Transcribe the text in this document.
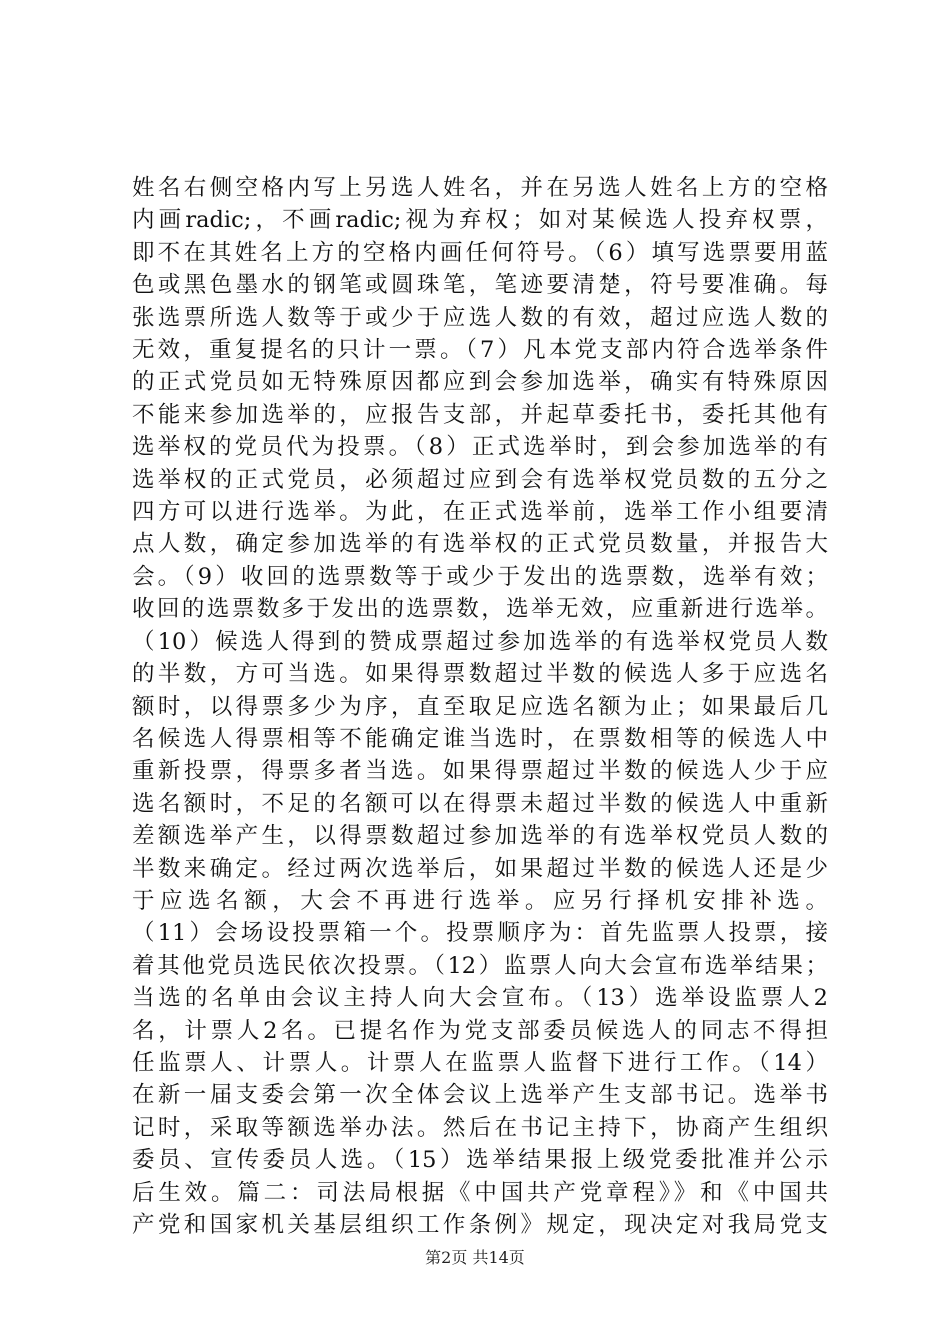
姓名右侧空格内写上另选人姓名，并在另选人姓名上方的空格
内画radic;，不画radic;视为弃权；如对某候选人投弃权票，
即不在其姓名上方的空格内画任何符号。（6）填写选票要用蓝
色或黑色墨水的钢笔或圆珠笔，笔迹要清楚，符号要准确。每
张选票所选人数等于或少于应选人数的有效，超过应选人数的
无效，重复提名的只计一票。（7）凡本党支部内符合选举条件
的正式党员如无特殊原因都应到会参加选举，确实有特殊原因
不能来参加选举的，应报告支部，并起草委托书，委托其他有
选举权的党员代为投票。（8）正式选举时，到会参加选举的有
选举权的正式党员，必须超过应到会有选举权党员数的五分之
四方可以进行选举。为此，在正式选举前，选举工作小组要清
点人数，确定参加选举的有选举权的正式党员数量，并报告大
会。（9）收回的选票数等于或少于发出的选票数，选举有效；
收回的选票数多于发出的选票数，选举无效，应重新进行选举。
（10）候选人得到的赞成票超过参加选举的有选举权党员人数
的半数，方可当选。如果得票数超过半数的候选人多于应选名
额时，以得票多少为序，直至取足应选名额为止；如果最后几
名候选人得票相等不能确定谁当选时，在票数相等的候选人中
重新投票，得票多者当选。如果得票超过半数的候选人少于应
选名额时，不足的名额可以在得票未超过半数的候选人中重新
差额选举产生，以得票数超过参加选举的有选举权党员人数的
半数来确定。经过两次选举后，如果超过半数的候选人还是少
于应选名额，大会不再进行选举。应另行择机安排补选。
（11）会场设投票箱一个。投票顺序为：首先监票人投票，接
着其他党员选民依次投票。（12）监票人向大会宣布选举结果；
当选的名单由会议主持人向大会宣布。（13）选举设监票人2
名，计票人2名。已提名作为党支部委员候选人的同志不得担
任监票人、计票人。计票人在监票人监督下进行工作。（14）
在新一届支委会第一次全体会议上选举产生支部书记。选举书
记时，采取等额选举办法。然后在书记主持下，协商产生组织
委员、宣传委员人选。（15）选举结果报上级党委批准并公示
后生效。篇二：司法局根据《中国共产党章程》》和《中国共
产党和国家机关基层组织工作条例》规定，现决定对我局党支
第2页 共14页
